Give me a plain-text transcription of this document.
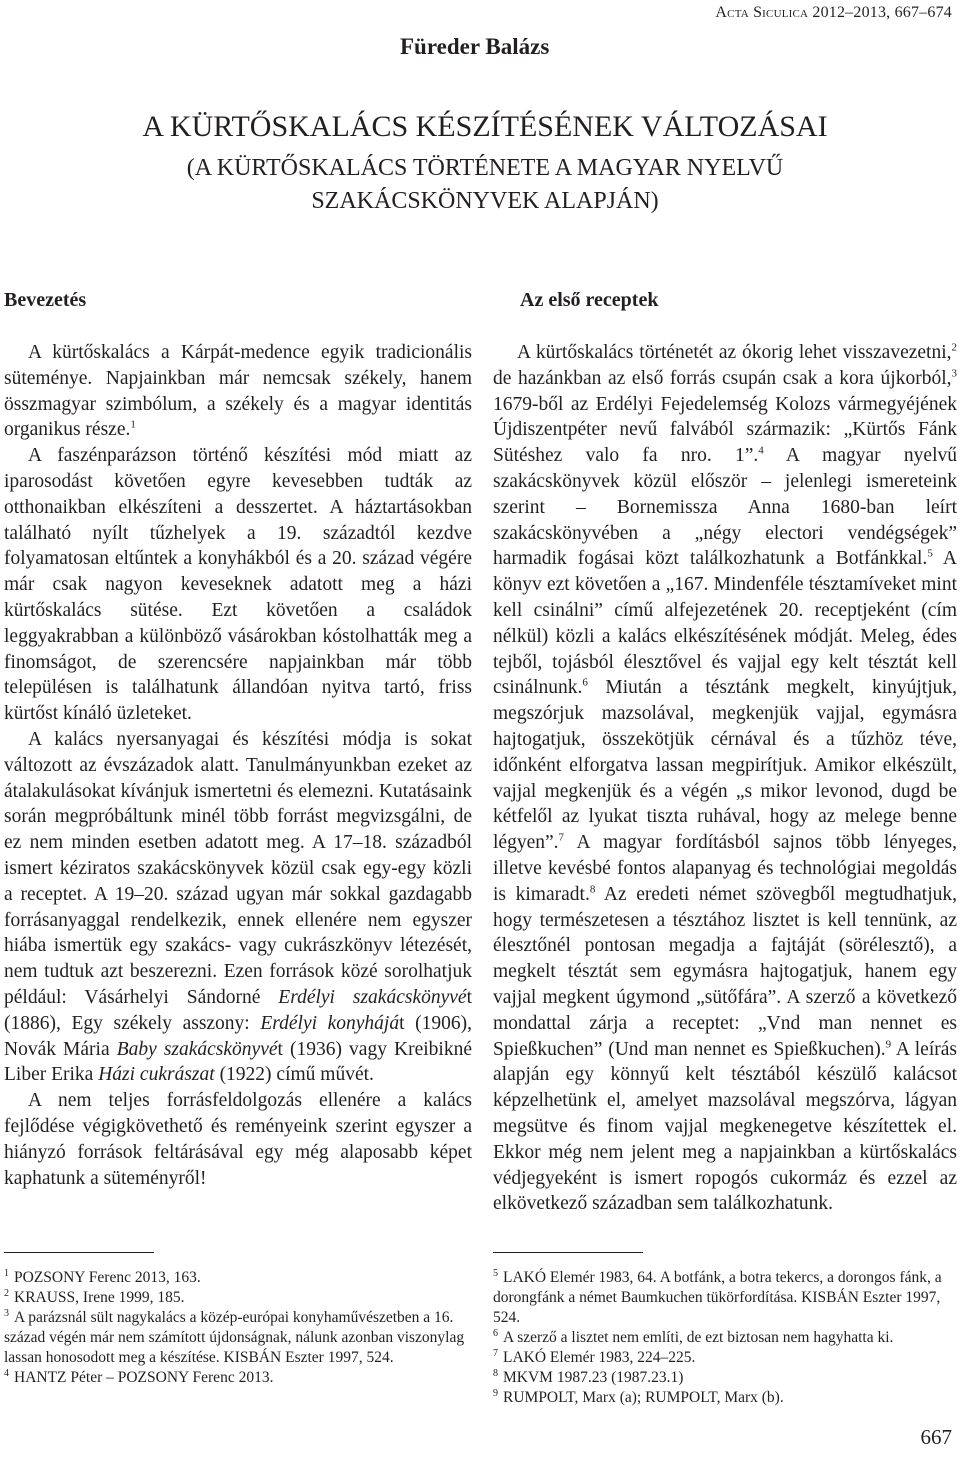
Acta Siculica 2012–2013, 667–674
Füreder Balázs
A KÜRTŐSKALÁCS KÉSZÍTÉSÉNEK VÁLTOZÁSAI
(A KÜRTŐSKALÁCS TÖRTÉNETE A MAGYAR NYELVŰ
SZAKÁCSKÖNYVEK ALAPJÁN)
Bevezetés	Az első receptek

A kürtőskalács a Kárpát-medence egyik tradicionális süteménye. Napjainkban már nemcsak székely, hanem összmagyar szimbólum, a székely és a magyar identitás organikus része.$^1$

A faszénparázson történő készítési mód miatt az iparosodást követően egyre kevesebben tudták az otthonaikban elkészíteni a desszertet. A háztartásokban található nyílt tűzhelyek a 19. századtól kezdve folyamatosan eltűntek a konyhákból és a 20. század végére már csak nagyon keveseknek adatott meg a házi kürtőskalács sütése. Ezt követően a családok leggyakrabban a különböző vásárokban kóstolhatták meg a finomságot, de szerencsére napjainkban már több településen is találhatunk állandóan nyitva tartó, friss kürtőst kínáló üzleteket.

A kalács nyersanyagai és készítési módja is sokat változott az évszázadok alatt. Tanulmányunkban ezeket az átalakulásokat kívánjuk ismertetni és elemezni. Kutatásaink során megpróbáltunk minél több forrást megvizsgálni, de ez nem minden esetben adatott meg. A 17–18. századból ismert kéziratos szakácskönyvek közül csak egy-egy közli a receptet. A 19–20. század ugyan már sokkal gazdagabb forrásanyaggal rendelkezik, ennek ellenére nem egyszer hiába ismertük egy szakács- vagy cukrászkönyv létezését, nem tudtuk azt beszerezni. Ezen források közé sorolhatjuk például: Vásárhelyi Sándorné Erdélyi szakácskönyvét (1886), Egy székely asszony: Erdélyi konyháját (1906), Novák Mária Baby szakácskönyvét (1936) vagy Kreibikné Liber Erika Házi cukrászat (1922) című művét.

A nem teljes forrásfeldolgozás ellenére a kalács fejlődése végigkövethető és reményeink szerint egyszer a hiányzó források feltárásával egy még alaposabb képet kaphatunk a süteményről!

A kürtőskalács történetét az ókorig lehet visszavezetni,$^2$ de hazánkban az első forrás csupán csak a kora újkorból,$^3$ 1679-ből az Erdélyi Fejedelemség Kolozs vármegyéjének Újdiszentpéter nevű falvából származik: „Kürtős Fánk Sütéshez valo fa nro. 1”.$^4$ A magyar nyelvű szakácskönyvek közül először – jelenlegi ismereteink szerint – Bornemissza Anna 1680-ban leírt szakácskönyvében a „négy electori vendégségek” harmadik fogásai közt találkozhatunk a Botfánkkal.$^5$ A könyv ezt követően a „167. Mindenféle tésztamíveket mint kell csinálni” című alfejezetének 20. receptjeként (cím nélkül) közli a kalács elkészítésének módját. Meleg, édes tejből, tojásból élesztővel és vajjal egy kelt tésztát kell csinálnunk.$^6$ Miután a tésztánk megkelt, kinyújtjuk, megszórjuk mazsolával, megkenjük vajjal, egymásra hajtogatjuk, összekötjük cérnával és a tűzhöz téve, időnként elforgatva lassan megpirítjuk. Amikor elkészült, vajjal megkenjük és a végén „s mikor levonod, dugd be kétfelől az lyukat tiszta ruhával, hogy az melege benne légyen”.$^7$ A magyar fordításból sajnos több lényeges, illetve kevésbé fontos alapanyag és technológiai megoldás is kimaradt.$^8$ Az eredeti német szövegből megtudhatjuk, hogy természetesen a tésztához lisztet is kell tennünk, az élesztőnél pontosan megadja a fajtáját (sörélesztő), a megkelt tésztát sem egymásra hajtogatjuk, hanem egy vajjal megkent úgymond „sütőfára”. A szerző a következő mondattal zárja a receptet: „Vnd man nennet es Spießkuchen” (Und man nennet es Spießkuchen).$^9$ A leírás alapján egy könnyű kelt tésztából készülő kalácsot képzelhetünk el, amelyet mazsolával megszórva, lágyan megsütve és finom vajjal megkenegetve készítettek el. Ekkor még nem jelent meg a napjainkban a kürtőskalács védjegyeként is ismert ropogós cukormáz és ezzel az elkövetkező században sem találkozhatunk.

$^1$ POZSONY Ferenc 2013, 163.

$^2$ KRAUSS, Irene 1999, 185.

$^3$ A parázsnál sült nagykalács a közép-európai konyhaművészetben a 16. század végén már nem számított újdonságnak, nálunk azonban viszonylag lassan honosodott meg a készítése. KISBÁN Eszter 1997, 524.

$^4$ HANTZ Péter – POZSONY Ferenc 2013.

$^5$ LAKÓ Elemér 1983, 64. A botfánk, a botra tekercs, a dorongos fánk, a dorongfánk a német Baumkuchen tükörfordítása. KISBÁN Eszter 1997, 524.

$^6$ A szerző a lisztet nem említi, de ezt biztosan nem hagyhatta ki.

$^7$ LAKÓ Elemér 1983, 224–225.

$^8$ MKVM 1987.23 (1987.23.1)

$^9$ RUMPOLT, Marx (a); RUMPOLT, Marx (b).

667
